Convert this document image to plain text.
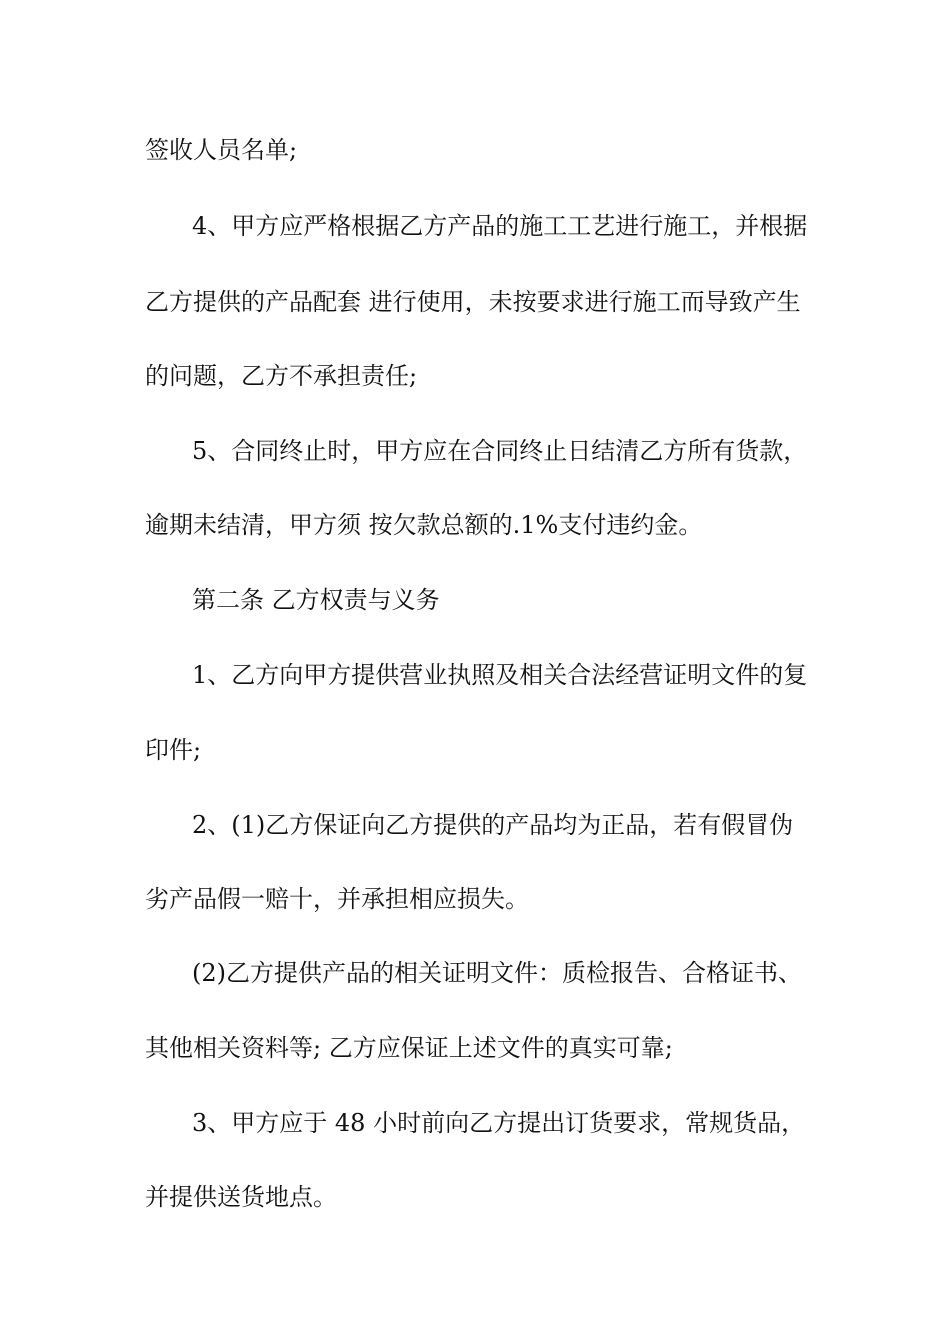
签收人员名单;
4、甲方应严格根据乙方产品的施工工艺进行施工，并根据
乙方提供的产品配套 进行使用，未按要求进行施工而导致产生
的问题，乙方不承担责任;
5、合同终止时，甲方应在合同终止日结清乙方所有货款，
逾期未结清，甲方须 按欠款总额的.1%支付违约金。
第二条 乙方权责与义务
1、乙方向甲方提供营业执照及相关合法经营证明文件的复
印件;
2、(1)乙方保证向乙方提供的产品均为正品，若有假冒伪
劣产品假一赔十，并承担相应损失。
(2)乙方提供产品的相关证明文件：质检报告、合格证书、
其他相关资料等; 乙方应保证上述文件的真实可靠;
3、甲方应于 48 小时前向乙方提出订货要求，常规货品，
并提供送货地点。
